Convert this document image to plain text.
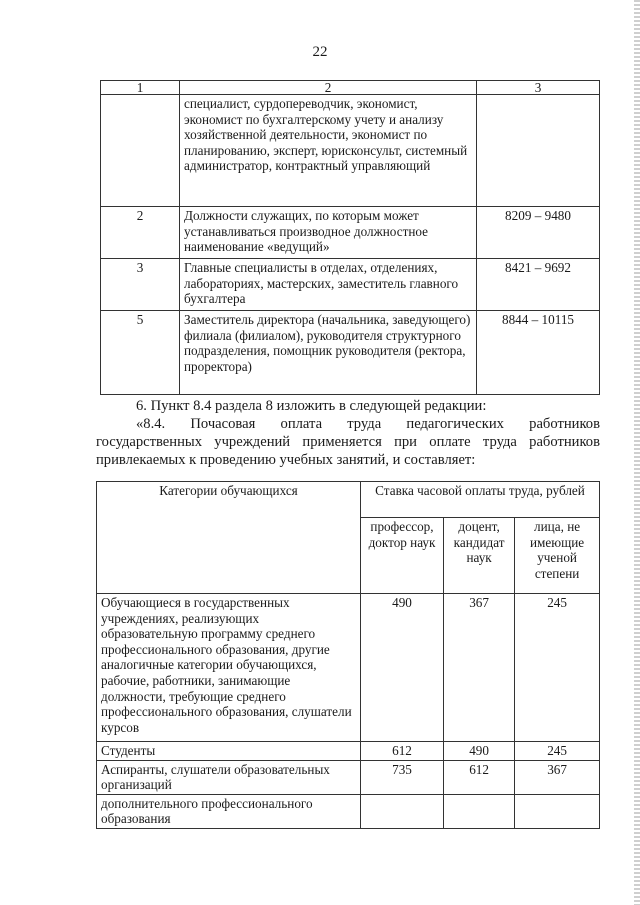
22
1	2	3
	специалист, сурдопереводчик, экономист, экономист по бухгалтерскому учету и анализу хозяйственной деятельности, экономист по планированию, эксперт, юрисконсульт, системный администратор, контрактный управляющий	
2	Должности служащих, по которым может устанавливаться производное должностное наименование «ведущий»	8209 – 9480
3	Главные специалисты в отделах, отделениях, лабораториях, мастерских, заместитель главного бухгалтера	8421 – 9692
5	Заместитель директора (начальника, заведующего) филиала (филиалом), руководителя структурного подразделения, помощник руководителя (ректора, проректора)	8844 – 10115
6. Пункт 8.4 раздела 8 изложить в следующей редакции:
«8.4. Почасовая оплата труда педагогических работников
государственных учреждений применяется при оплате труда работников
привлекаемых к проведению учебных занятий, и составляет:
Категории обучающихся	Ставка часовой оплаты труда, рублей		
	профессор, доктор наук	доцент, кандидат наук	лица, не имеющие ученой степени
Обучающиеся в государственных учреждениях, реализующих образовательную программу среднего профессионального образования, другие аналогичные категории обучающихся, рабочие, работники, занимающие должности, требующие среднего профессионального образования, слушатели курсов	490	367	245
Студенты	612	490	245
Аспиранты, слушатели образовательных организаций	735	612	367
дополнительного профессионального образования			
